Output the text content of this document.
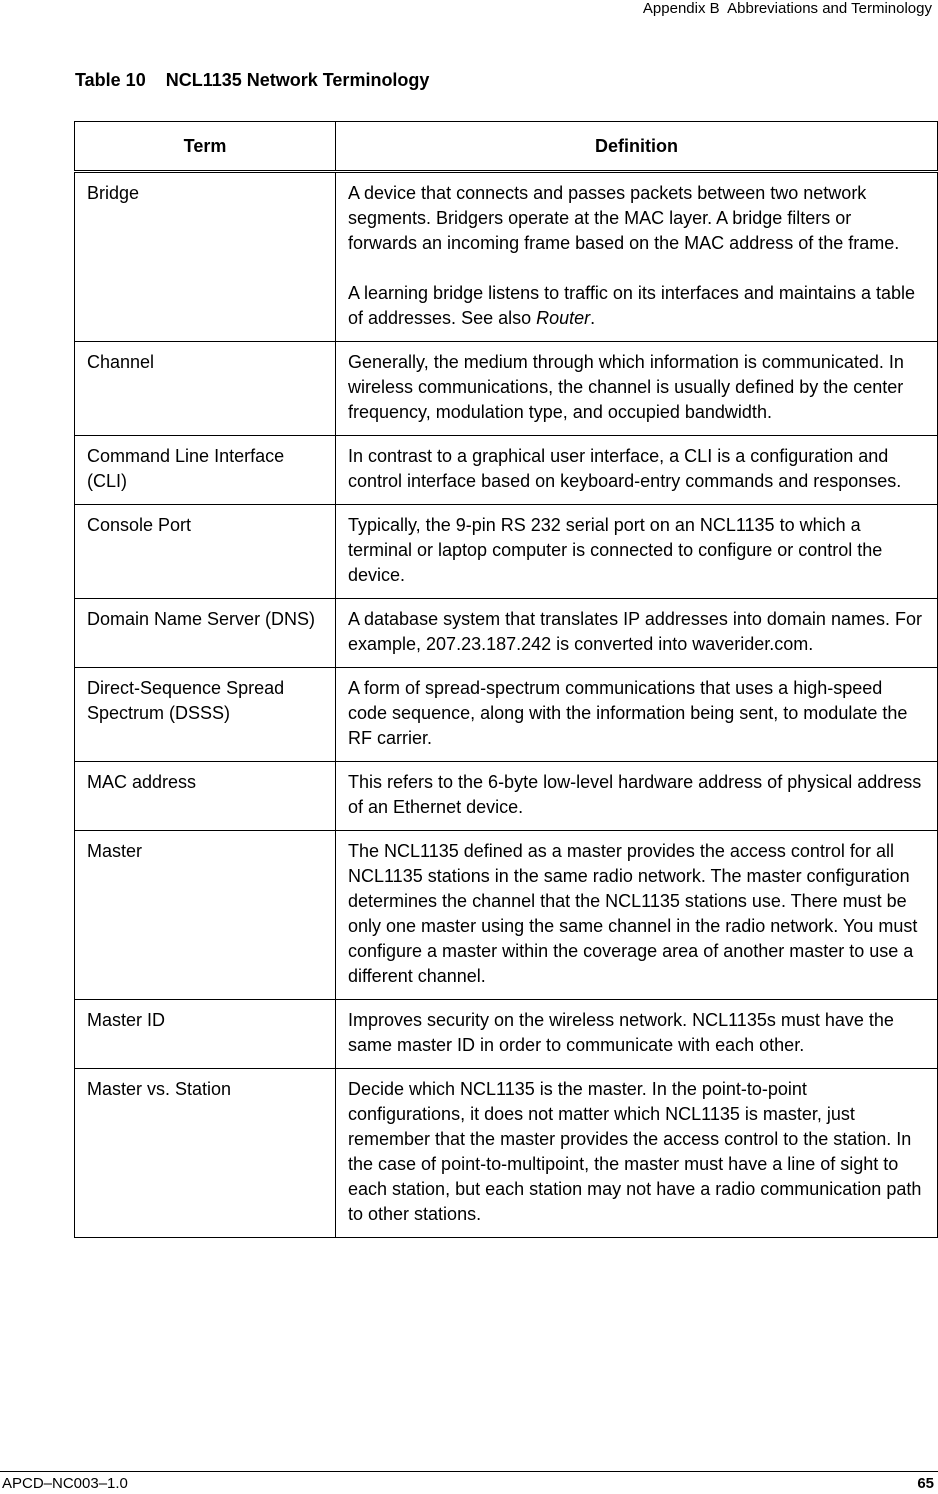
Appendix B  Abbreviations and Terminology
Table 10    NCL1135 Network Terminology
Term	Definition
Bridge	A device that connects and passes packets between two network segments. Bridgers operate at the MAC layer. A bridge filters or forwards an incoming frame based on the MAC address of the frame.

A learning bridge listens to traffic on its interfaces and maintains a table of addresses. See also Router.

Channel	Generally, the medium through which information is communicated. In wireless communications, the channel is usually defined by the center frequency, modulation type, and occupied bandwidth.
Command Line Interface (CLI)	In contrast to a graphical user interface, a CLI is a configuration and control interface based on keyboard-entry commands and responses.
Console Port	Typically, the 9-pin RS 232 serial port on an NCL1135 to which a terminal or laptop computer is connected to configure or control the device.
Domain Name Server (DNS)	A database system that translates IP addresses into domain names. For example, 207.23.187.242 is converted into waverider.com.
Direct-Sequence Spread Spectrum (DSSS)	A form of spread-spectrum communications that uses a high-speed code sequence, along with the information being sent, to modulate the RF carrier.
MAC address	This refers to the 6-byte low-level hardware address of physical address of an Ethernet device.
Master	The NCL1135 defined as a master provides the access control for all NCL1135 stations in the same radio network. The master configuration determines the channel that the NCL1135 stations use. There must be only one master using the same channel in the radio network. You must configure a master within the coverage area of another master to use a different channel.
Master ID	Improves security on the wireless network. NCL1135s must have the same master ID in order to communicate with each other.
Master vs. Station	Decide which NCL1135 is the master. In the point-to-point configurations, it does not matter which NCL1135 is master, just remember that the master provides the access control to the station. In the case of point-to-multipoint, the master must have a line of sight to each station, but each station may not have a radio communication path to other stations.
APCD–NC003–1.0	65
